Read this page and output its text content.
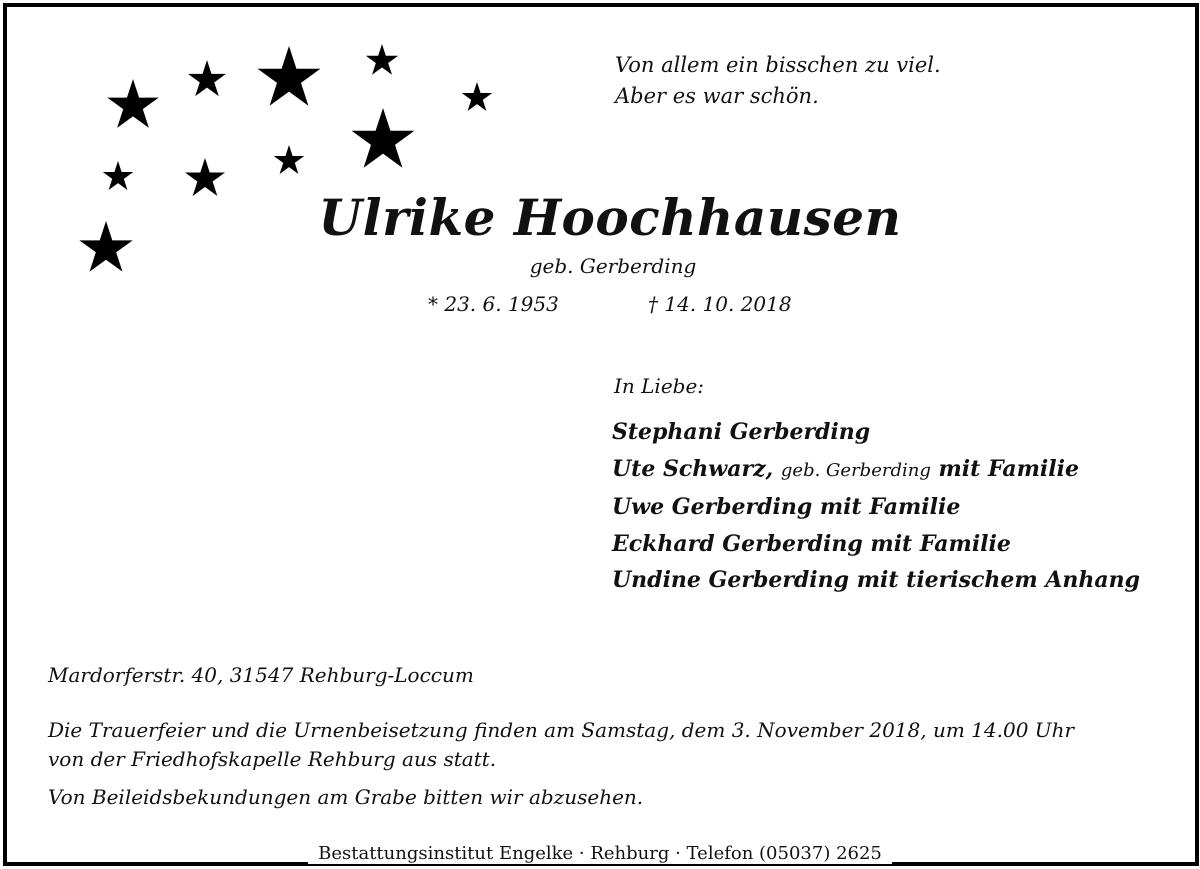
Von allem ein bisschen zu viel.
Aber es war schön.
Ulrike Hoochhausen
geb. Gerberding
* 23. 6. 1953	† 14. 10. 2018
In Liebe:
Stephani Gerberding
Ute Schwarz, geb. Gerberding mit Familie
Uwe Gerberding mit Familie
Eckhard Gerberding mit Familie
Undine Gerberding mit tierischem Anhang
Mardorferstr. 40, 31547 Rehburg-Loccum

Die Trauerfeier und die Urnenbeisetzung finden am Samstag, dem 3. November 2018, um 14.00 Uhr
von der Friedhofskapelle Rehburg aus statt.

Von Beileidsbekundungen am Grabe bitten wir abzusehen.

Bestattungsinstitut Engelke · Rehburg · Telefon (05037) 2625
